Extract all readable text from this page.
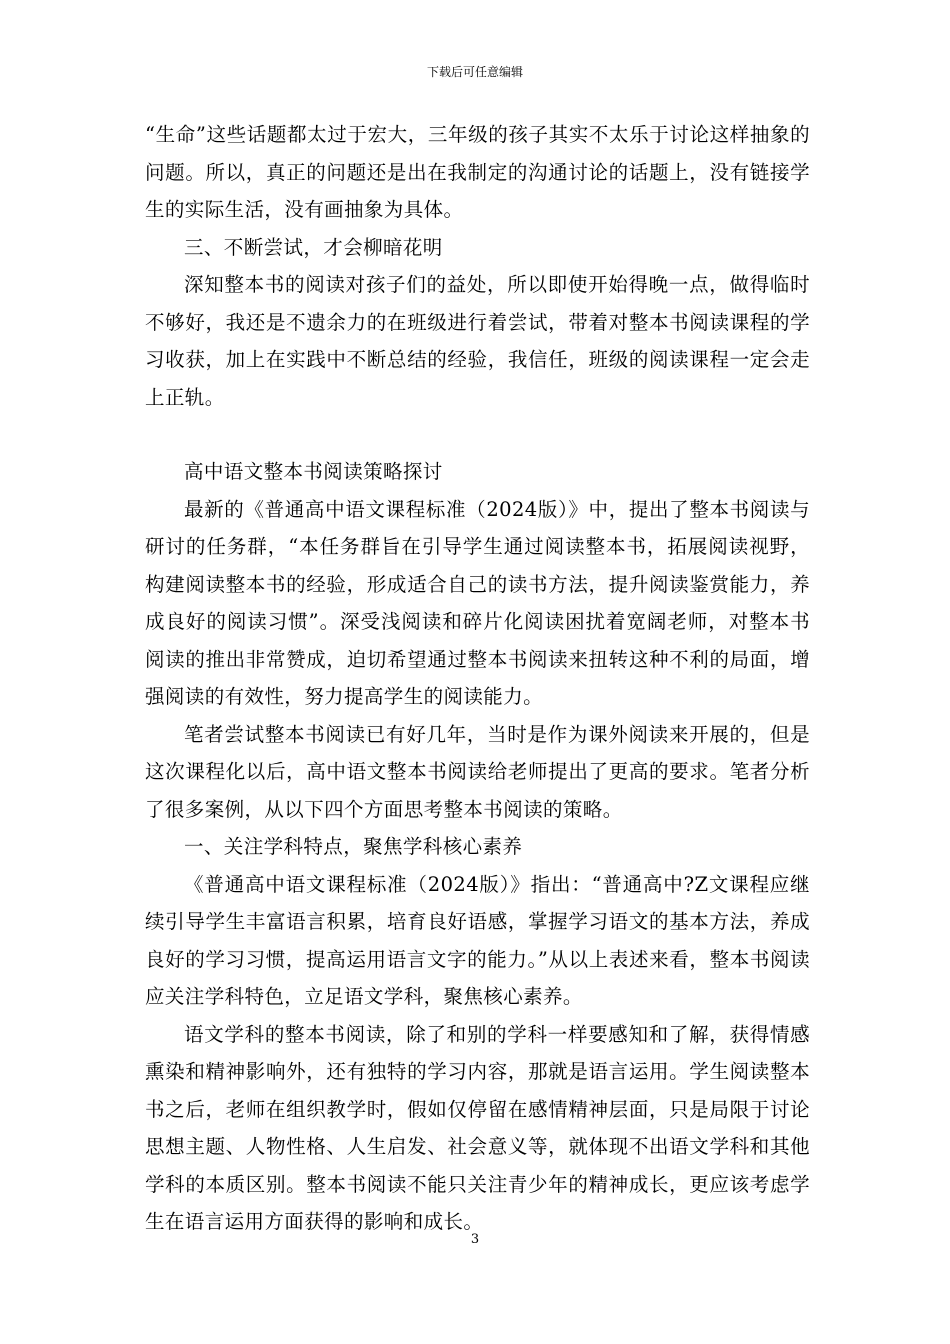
下载后可任意编辑

“生命”这些话题都太过于宏大，三年级的孩子其实不太乐于讨论这样抽象的问题。所以，真正的问题还是出在我制定的沟通讨论的话题上，没有链接学生的实际生活，没有画抽象为具体。

三、不断尝试，才会柳暗花明

深知整本书的阅读对孩子们的益处，所以即使开始得晚一点，做得临时不够好，我还是不遗余力的在班级进行着尝试，带着对整本书阅读课程的学习收获，加上在实践中不断总结的经验，我信任，班级的阅读课程一定会走上正轨。

高中语文整本书阅读策略探讨

最新的《普通高中语文课程标准（2024版）》中，提出了整本书阅读与研讨的任务群，“本任务群旨在引导学生通过阅读整本书，拓展阅读视野，构建阅读整本书的经验，形成适合自己的读书方法，提升阅读鉴赏能力，养成良好的阅读习惯”。深受浅阅读和碎片化阅读困扰着宽阔老师，对整本书阅读的推出非常赞成，迫切希望通过整本书阅读来扭转这种不利的局面，增强阅读的有效性，努力提高学生的阅读能力。

笔者尝试整本书阅读已有好几年，当时是作为课外阅读来开展的，但是这次课程化以后，高中语文整本书阅读给老师提出了更高的要求。笔者分析了很多案例，从以下四个方面思考整本书阅读的策略。

一、关注学科特点，聚焦学科核心素养

《普通高中语文课程标准（2024版）》指出：“普通高中?Z文课程应继续引导学生丰富语言积累，培育良好语感，掌握学习语文的基本方法，养成良好的学习习惯，提高运用语言文字的能力。”从以上表述来看，整本书阅读应关注学科特色，立足语文学科，聚焦核心素养。

语文学科的整本书阅读，除了和别的学科一样要感知和了解，获得情感熏染和精神影响外，还有独特的学习内容，那就是语言运用。学生阅读整本书之后，老师在组织教学时，假如仅停留在感情精神层面，只是局限于讨论思想主题、人物性格、人生启发、社会意义等，就体现不出语文学科和其他学科的本质区别。整本书阅读不能只关注青少年的精神成长，更应该考虑学生在语言运用方面获得的影响和成长。

3
